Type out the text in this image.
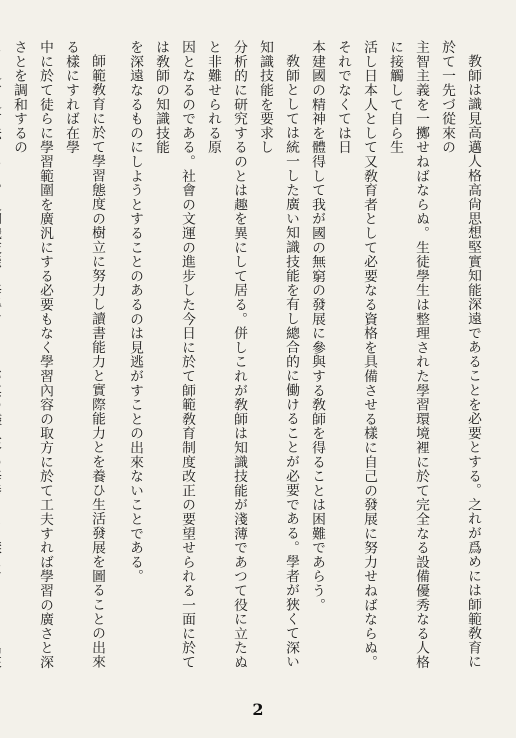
教師は識見高邁人格高尙思想堅實知能深遠であることを必要とする。之れが爲めには師範敎育に於て一先づ從來の
主智主義を一擲せねばならぬ。生徒學生は整理された學習環境裡に於て完全なる設備優秀なる人格に接觸して自ら生
活し日本人として又敎育者として必要なる資格を具備させる樣に自己の發展に努力せねばならぬ。それでなくては日
本建國の精神を體得して我が國の無窮の發展に參與する敎師を得ることは困難であらう。
敎師としては統一した廣い知識技能を有し總合的に働けることが必要である。學者が狹くて深い知識技能を要求し
分析的に研究するのとは趣を異にして居る。併しこれが敎師は知識技能が淺薄であつて役に立たぬと非難せられる原
因となるのである。社會の文運の進步した今日に於て師範敎育制度改正の要望せられる一面に於ては敎師の知識技能
を深遠なるものにしようとすることのあるのは見逃がすことの出來ないことである。
師範敎育に於て學習態度の樹立に努力し讀書能力と實際能力とを養ひ生活發展を圖ることの出來る樣にすれば在學
中に於て徒らに學習範圍を廣汎にする必要もなく學習內容の取方に於て工夫すれば學習の廣さと深さとを調和するの
2
